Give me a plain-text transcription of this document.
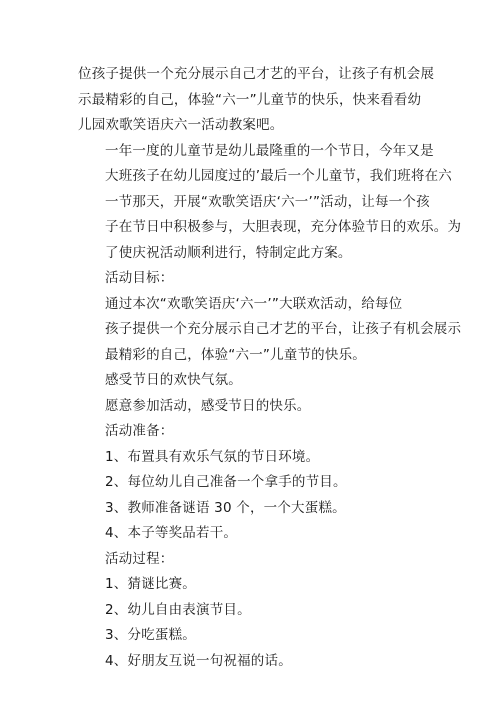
位孩子提供一个充分展示自己才艺的平台，让孩子有机会展
示最精彩的自己，体验“六一”儿童节的快乐，快来看看幼
儿园欢歌笑语庆六一活动教案吧。

一年一度的儿童节是幼儿最隆重的一个节日，今年又是
大班孩子在幼儿园度过的’最后一个儿童节，我们班将在六
一节那天，开展“欢歌笑语庆‘六一’”活动，让每一个孩
子在节日中积极参与，大胆表现，充分体验节日的欢乐。为
了使庆祝活动顺利进行，特制定此方案。

活动目标：

通过本次“欢歌笑语庆‘六一’”大联欢活动，给每位
孩子提供一个充分展示自己才艺的平台，让孩子有机会展示
最精彩的自己，体验“六一”儿童节的快乐。

感受节日的欢快气氛。

愿意参加活动，感受节日的快乐。

活动准备：

1、布置具有欢乐气氛的节日环境。

2、每位幼儿自己准备一个拿手的节目。

3、教师准备谜语 30 个，一个大蛋糕。

4、本子等奖品若干。

活动过程：

1、猜谜比赛。

2、幼儿自由表演节目。

3、分吃蛋糕。

4、好朋友互说一句祝福的话。
